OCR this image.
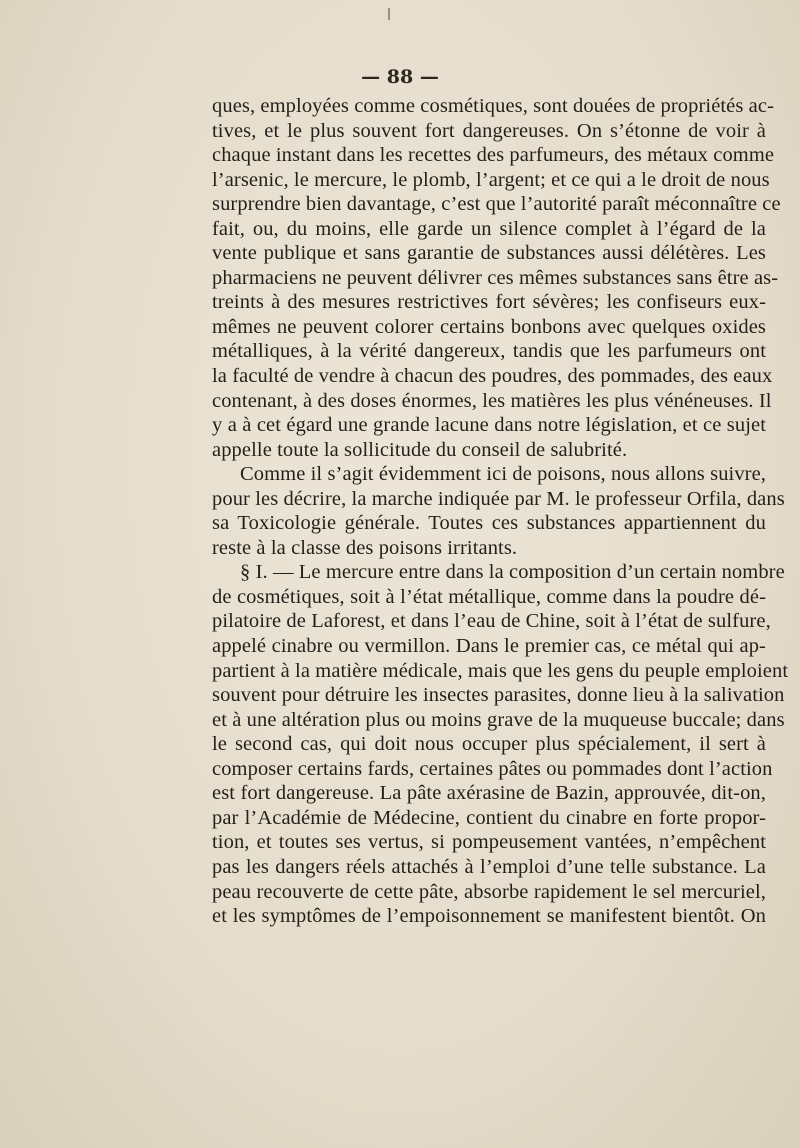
— 88 —
ques, employées comme cosmétiques, sont douées de propriétés ac-
tives, et le plus souvent fort dangereuses. On s’étonne de voir à
chaque instant dans les recettes des parfumeurs, des métaux comme
l’arsenic, le mercure, le plomb, l’argent; et ce qui a le droit de nous
surprendre bien davantage, c’est que l’autorité paraît méconnaître ce
fait, ou, du moins, elle garde un silence complet à l’égard de la
vente publique et sans garantie de substances aussi délétères. Les
pharmaciens ne peuvent délivrer ces mêmes substances sans être as-
treints à des mesures restrictives fort sévères; les confiseurs eux-
mêmes ne peuvent colorer certains bonbons avec quelques oxides
métalliques, à la vérité dangereux, tandis que les parfumeurs ont
la faculté de vendre à chacun des poudres, des pommades, des eaux
contenant, à des doses énormes, les matières les plus vénéneuses. Il
y a à cet égard une grande lacune dans notre législation, et ce sujet
appelle toute la sollicitude du conseil de salubrité.
Comme il s’agit évidemment ici de poisons, nous allons suivre,
pour les décrire, la marche indiquée par M. le professeur Orfila, dans
sa Toxicologie générale. Toutes ces substances appartiennent du
reste à la classe des poisons irritants.
§ I. — Le mercure entre dans la composition d’un certain nombre
de cosmétiques, soit à l’état métallique, comme dans la poudre dé-
pilatoire de Laforest, et dans l’eau de Chine, soit à l’état de sulfure,
appelé cinabre ou vermillon. Dans le premier cas, ce métal qui ap-
partient à la matière médicale, mais que les gens du peuple emploient
souvent pour détruire les insectes parasites, donne lieu à la salivation
et à une altération plus ou moins grave de la muqueuse buccale; dans
le second cas, qui doit nous occuper plus spécialement, il sert à
composer certains fards, certaines pâtes ou pommades dont l’action
est fort dangereuse. La pâte axérasine de Bazin, approuvée, dit-on,
par l’Académie de Médecine, contient du cinabre en forte propor-
tion, et toutes ses vertus, si pompeusement vantées, n’empêchent
pas les dangers réels attachés à l’emploi d’une telle substance. La
peau recouverte de cette pâte, absorbe rapidement le sel mercuriel,
et les symptômes de l’empoisonnement se manifestent bientôt. On
